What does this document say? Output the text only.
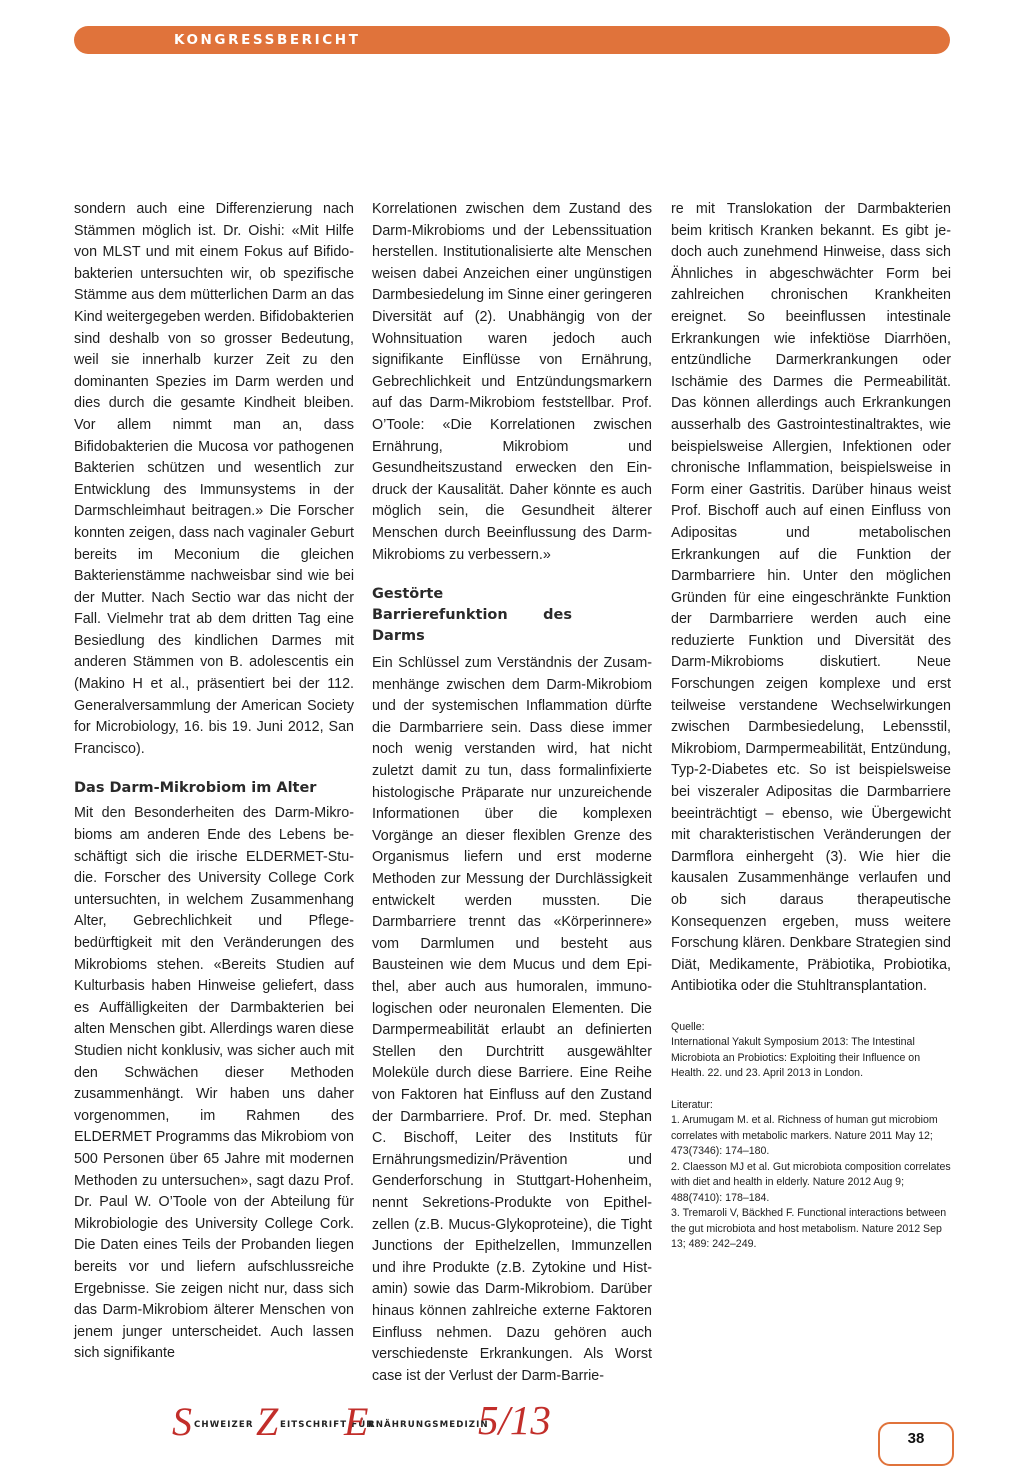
KONGRESSBERICHT

sondern auch eine Differenzierung nach Stämmen möglich ist. Dr. Oishi: «Mit Hilfe von MLST und mit einem Fokus auf Bifidobakterien untersuchten wir, ob spezifische Stämme aus dem mütterlichen Darm an das Kind weitergegeben werden. Bifidobakterien sind deshalb von so grosser Bedeutung, weil sie innerhalb kurzer Zeit zu den dominanten Spezies im Darm werden und dies durch die gesamte Kindheit bleiben. Vor allem nimmt man an, dass Bifidobakterien die Mucosa vor pathogenen Bakterien schützen und wesentlich zur Entwicklung des Immunsystems in der Darmschleimhaut beitragen.» Die Forscher konnten zeigen, dass nach vaginaler Geburt bereits im Meconium die gleichen Bakterienstämme nachweisbar sind wie bei der Mutter. Nach Sectio war das nicht der Fall. Vielmehr trat ab dem dritten Tag eine Besiedlung des kindlichen Darmes mit anderen Stämmen von B. adolescentis ein (Makino H et al., präsentiert bei der 112. Generalversammlung der American Society for Microbiology, 16. bis 19. Juni 2012, San Francisco).

Das Darm-Mikrobiom im Alter

Mit den Besonderheiten des Darm-Mikrobioms am anderen Ende des Lebens beschäftigt sich die irische ELDERMET-Studie. Forscher des University College Cork untersuchten, in welchem Zusammenhang Alter, Gebrechlichkeit und Pflegebedürftigkeit mit den Veränderungen des Mikrobioms stehen. «Bereits Studien auf Kulturbasis haben Hinweise geliefert, dass es Auffälligkeiten der Darmbakterien bei alten Menschen gibt. Allerdings waren diese Studien nicht konklusiv, was sicher auch mit den Schwächen dieser Methoden zusammenhängt. Wir haben uns daher vorgenommen, im Rahmen des ELDERMET Programms das Mikrobiom von 500 Personen über 65 Jahre mit modernen Methoden zu untersuchen», sagt dazu Prof. Dr. Paul W. O’Toole von der Abteilung für Mikrobiologie des University College Cork. Die Daten eines Teils der Probanden liegen bereits vor und liefern aufschlussreiche Ergebnisse. Sie zeigen nicht nur, dass sich das Darm-Mikrobiom älterer Menschen von jenem junger unterscheidet. Auch lassen sich signifikante

Korrelationen zwischen dem Zustand des Darm-Mikrobioms und der Lebenssituation herstellen. Institutionalisierte alte Menschen weisen dabei Anzeichen einer ungünstigen Darmbesiedelung im Sinne einer geringeren Diversität auf (2). Unabhängig von der Wohnsituation waren jedoch auch signifikante Einflüsse von Ernährung, Gebrechlichkeit und Entzündungsmarkern auf das Darm-Mikrobiom feststellbar. Prof. O’Toole: «Die Korrelationen zwischen Ernährung, Mikrobiom und Gesundheitszustand erwecken den Eindruck der Kausalität. Daher könnte es auch möglich sein, die Gesundheit älterer Menschen durch Beeinflussung des Darm-Mikrobioms zu verbessern.»

Gestörte Barrierefunktion des Darms

Ein Schlüssel zum Verständnis der Zusammenhänge zwischen dem Darm-Mikrobiom und der systemischen Inflammation dürfte die Darmbarriere sein. Dass diese immer noch wenig verstanden wird, hat nicht zuletzt damit zu tun, dass formalinfixierte histologische Präparate nur unzureichende Informationen über die komplexen Vorgänge an dieser flexiblen Grenze des Organismus liefern und erst moderne Methoden zur Messung der Durchlässigkeit entwickelt werden mussten. Die Darmbarriere trennt das «Körperinnere» vom Darmlumen und besteht aus Bausteinen wie dem Mucus und dem Epithel, aber auch aus humoralen, immunologischen oder neuronalen Elementen. Die Darmpermeabilität erlaubt an definierten Stellen den Durchtritt ausgewählter Moleküle durch diese Barriere. Eine Reihe von Faktoren hat Einfluss auf den Zustand der Darmbarriere. Prof. Dr. med. Stephan C. Bischoff, Leiter des Instituts für Ernährungsmedizin/Prävention und Genderforschung in Stuttgart-Hohenheim, nennt Sekretions-Produkte von Epithelzellen (z.B. Mucus-Glykoproteine), die Tight Junctions der Epithelzellen, Immunzellen und ihre Produkte (z.B. Zytokine und Histamin) sowie das Darm-Mikrobiom. Darüber hinaus können zahlreiche externe Faktoren Einfluss nehmen. Dazu gehören auch verschiedenste Erkrankungen. Als Worst case ist der Verlust der Darm-Barrie-

re mit Translokation der Darmbakterien beim kritisch Kranken bekannt. Es gibt jedoch auch zunehmend Hinweise, dass sich Ähnliches in abgeschwächter Form bei zahlreichen chronischen Krankheiten ereignet. So beeinflussen intestinale Erkrankungen wie infektiöse Diarrhöen, entzündliche Darmerkrankungen oder Ischämie des Darmes die Permeabilität. Das können allerdings auch Erkrankungen ausserhalb des Gastrointestinaltraktes, wie beispielsweise Allergien, Infektionen oder chronische Inflammation, beispielsweise in Form einer Gastritis. Darüber hinaus weist Prof. Bischoff auch auf einen Einfluss von Adipositas und metabolischen Erkrankungen auf die Funktion der Darmbarriere hin. Unter den möglichen Gründen für eine eingeschränkte Funktion der Darmbarriere werden auch eine reduzierte Funktion und Diversität des Darm-Mikrobioms diskutiert. Neue Forschungen zeigen komplexe und erst teilweise verstandene Wechselwirkungen zwischen Darmbesiedelung, Lebensstil, Mikrobiom, Darmpermeabilität, Entzündung, Typ-2-Diabetes etc. So ist beispielsweise bei viszeraler Adipositas die Darmbarriere beeinträchtigt – ebenso, wie Übergewicht mit charakteristischen Veränderungen der Darmflora einhergeht (3). Wie hier die kausalen Zusammenhänge verlaufen und ob sich daraus therapeutische Konsequenzen ergeben, muss weitere Forschung klären. Denkbare Strategien sind Diät, Medikamente, Präbiotika, Probiotika, Antibiotika oder die Stuhltransplantation.

Quelle:

International Yakult Symposium 2013: The Intestinal Microbiota an Probiotics: Exploiting their Influence on Health. 22. und 23. April 2013 in London.

Literatur:

1. Arumugam M. et al. Richness of human gut microbiom correlates with metabolic markers. Nature 2011 May 12; 473(7346): 174–180.

2. Claesson MJ et al. Gut microbiota composition correlates with diet and health in elderly. Nature 2012 Aug 9; 488(7410): 178–184.

3. Tremaroli V, Bäckhed F. Functional interactions between the gut microbiota and host metabolism. Nature 2012 Sep 13; 489: 242–249.

S CHWEIZER Z EITSCHRIFT FÜR
E RNÄHRUNGSMEDIZIN
5/13	38
